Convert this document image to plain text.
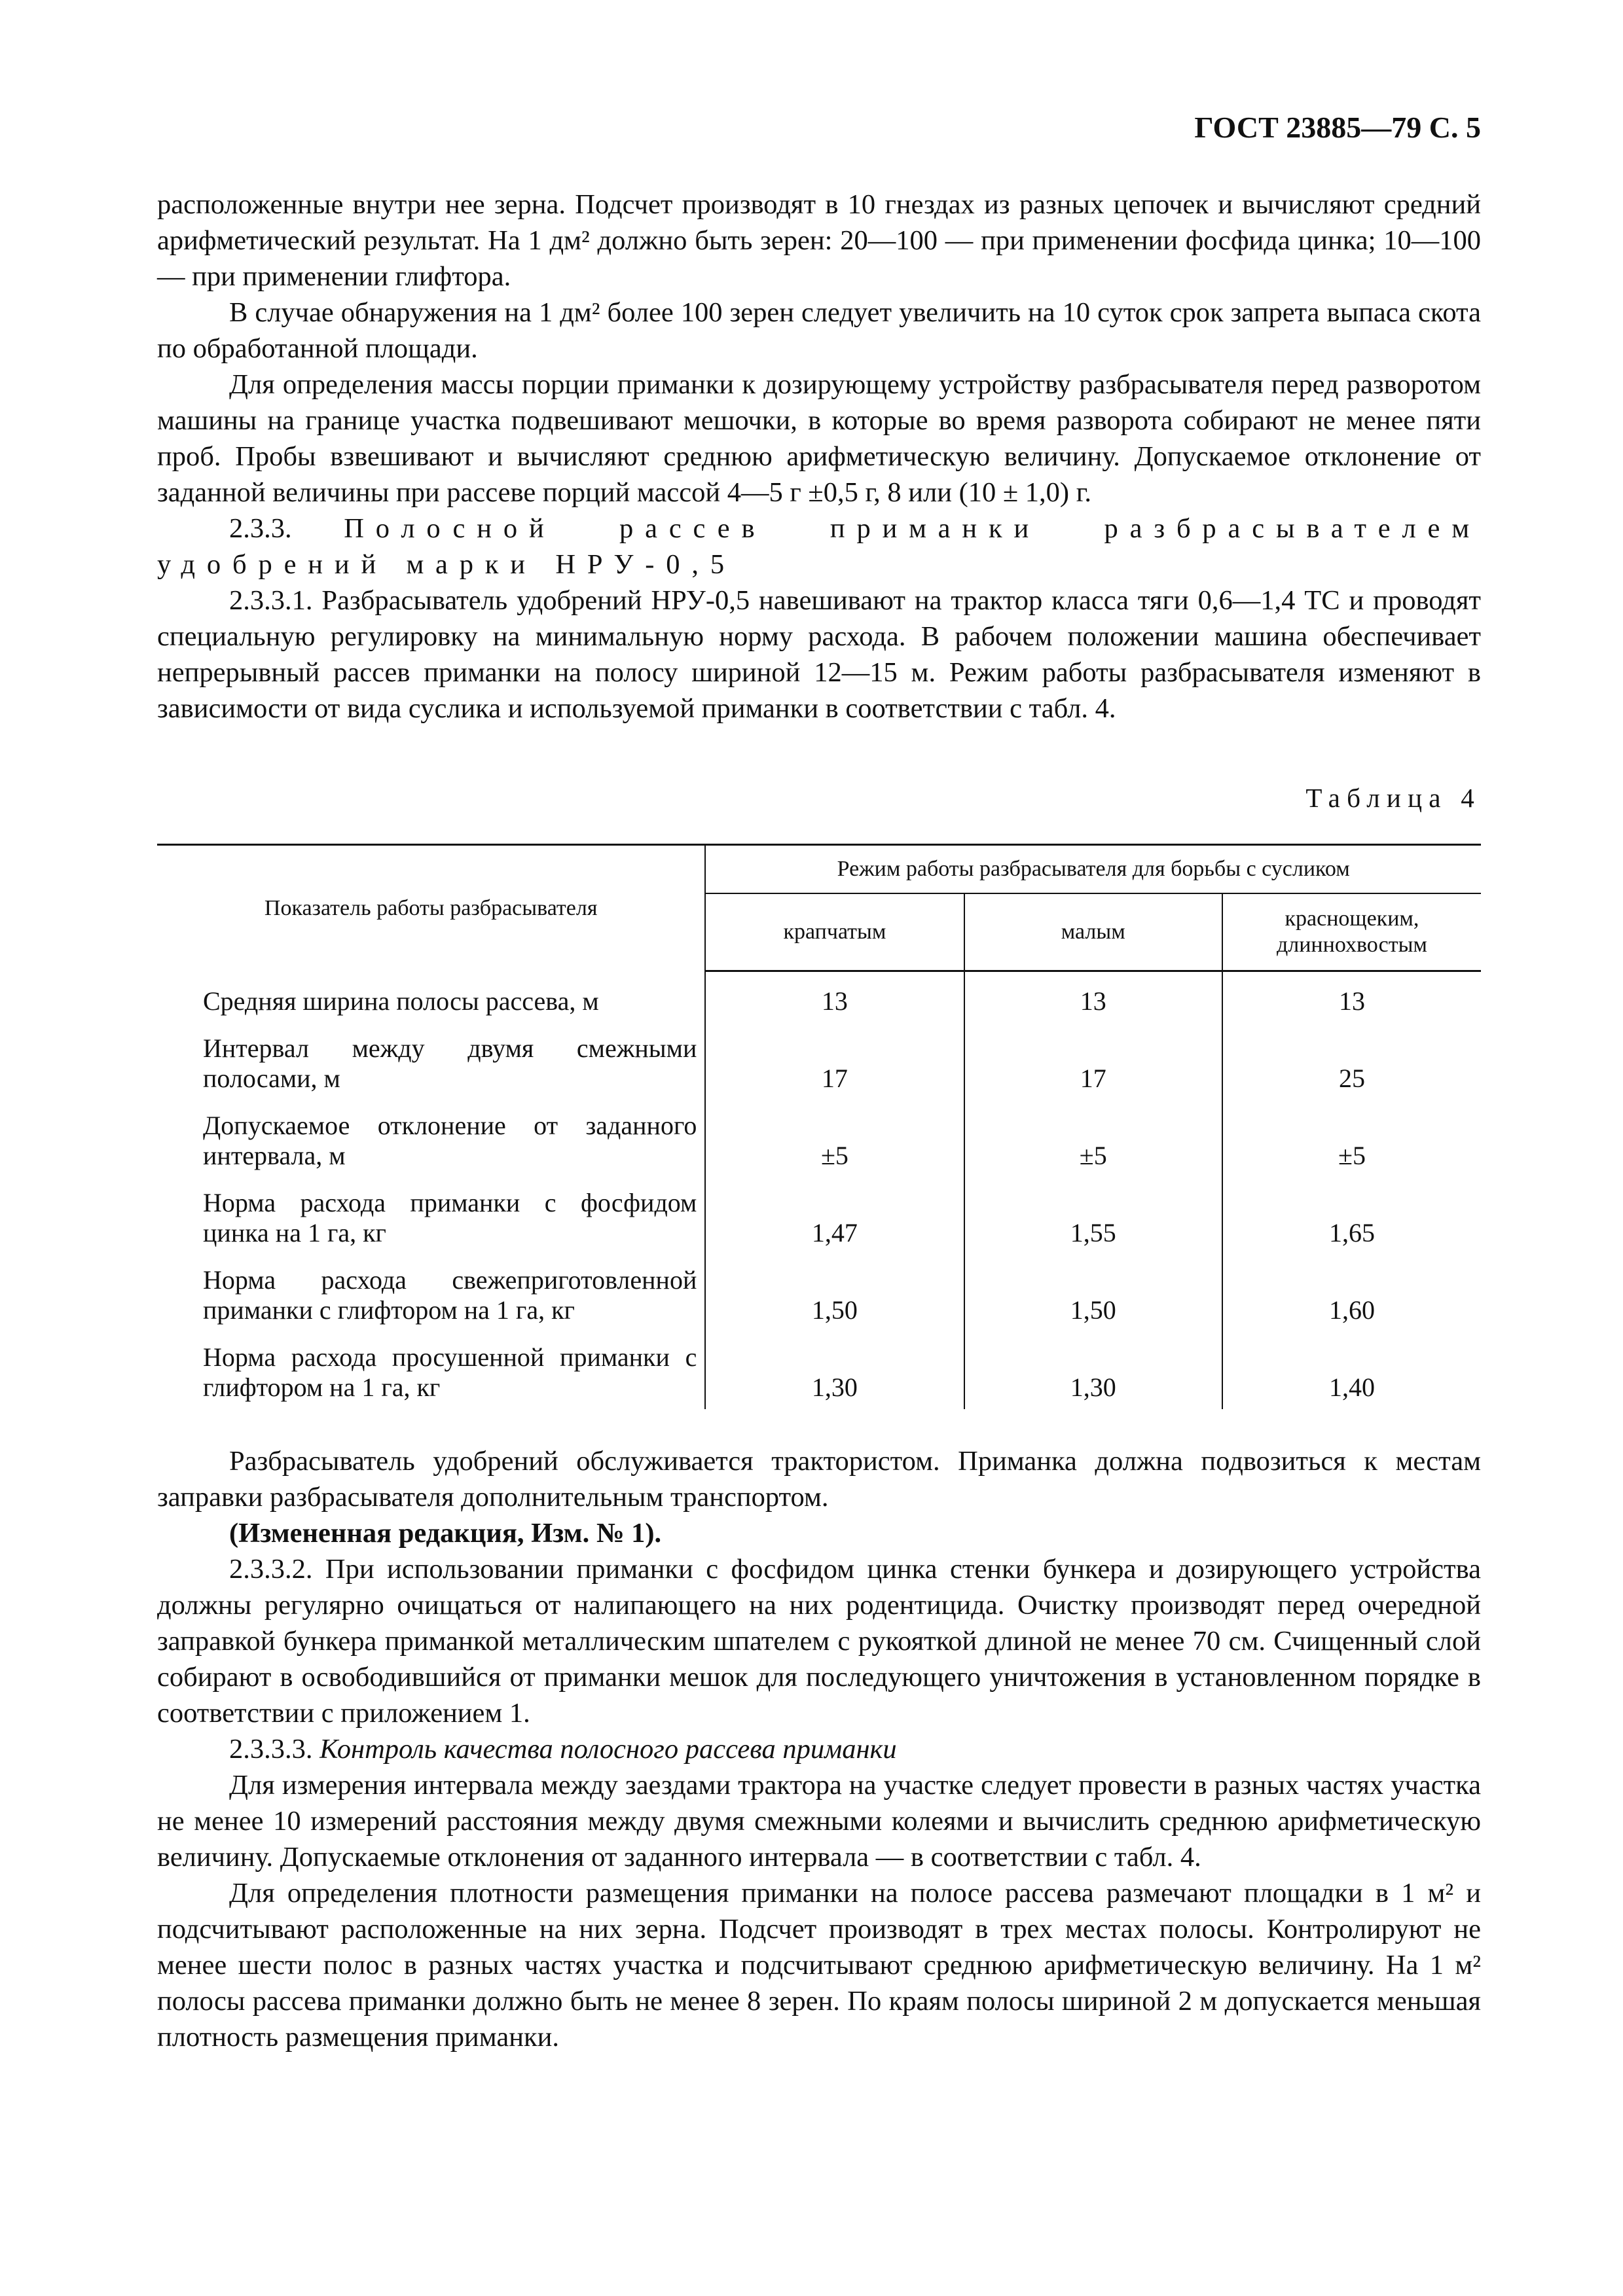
ГОСТ 23885—79 С. 5

расположенные внутри нее зерна. Подсчет производят в 10 гнездах из разных цепочек и вычисляют средний арифметический результат. На 1 дм² должно быть зерен: 20—100 — при применении фосфида цинка; 10—100 — при применении глифтора.

В случае обнаружения на 1 дм² более 100 зерен следует увеличить на 10 суток срок запрета выпаса скота по обработанной площади.

Для определения массы порции приманки к дозирующему устройству разбрасывателя перед разворотом машины на границе участка подвешивают мешочки, в которые во время разворота собирают не менее пяти проб. Пробы взвешивают и вычисляют среднюю арифметическую величину. Допускаемое отклонение от заданной величины при рассеве порций массой 4—5 г ±0,5 г, 8 или (10 ± 1,0) г.

2.3.3. Полосной рассев приманки разбрасывателем удобрений марки НРУ-0,5

2.3.3.1. Разбрасыватель удобрений НРУ-0,5 навешивают на трактор класса тяги 0,6—1,4 ТС и проводят специальную регулировку на минимальную норму расхода. В рабочем положении машина обеспечивает непрерывный рассев приманки на полосу шириной 12—15 м. Режим работы разбрасывателя изменяют в зависимости от вида суслика и используемой приманки в соответствии с табл. 4.

Таблица 4
Показатель работы разбрасывателя	Режим работы разбрасывателя для борьбы с сусликом		
	крапчатым	малым	краснощеким, длиннохвостым
Средняя ширина полосы рассева, м	13	13	13
Интервал между двумя смежными полосами, м	17	17	25
Допускаемое отклонение от заданного интервала, м	±5	±5	±5
Норма расхода приманки с фосфидом цинка на 1 га, кг	1,47	1,55	1,65
Норма расхода свежеприготовленной приманки с глифтором на 1 га, кг	1,50	1,50	1,60
Норма расхода просушенной приманки с глифтором на 1 га, кг	1,30	1,30	1,40

Разбрасыватель удобрений обслуживается трактористом. Приманка должна подвозиться к местам заправки разбрасывателя дополнительным транспортом.

(Измененная редакция, Изм. № 1).

2.3.3.2. При использовании приманки с фосфидом цинка стенки бункера и дозирующего устройства должны регулярно очищаться от налипающего на них родентицида. Очистку производят перед очередной заправкой бункера приманкой металлическим шпателем с рукояткой длиной не менее 70 см. Счищенный слой собирают в освободившийся от приманки мешок для последующего уничтожения в установленном порядке в соответствии с приложением 1.

2.3.3.3. Контроль качества полосного рассева приманки

Для измерения интервала между заездами трактора на участке следует провести в разных частях участка не менее 10 измерений расстояния между двумя смежными колеями и вычислить среднюю арифметическую величину. Допускаемые отклонения от заданного интервала — в соответствии с табл. 4.

Для определения плотности размещения приманки на полосе рассева размечают площадки в 1 м² и подсчитывают расположенные на них зерна. Подсчет производят в трех местах полосы. Контролируют не менее шести полос в разных частях участка и подсчитывают среднюю арифметическую величину. На 1 м² полосы рассева приманки должно быть не менее 8 зерен. По краям полосы шириной 2 м допускается меньшая плотность размещения приманки.
